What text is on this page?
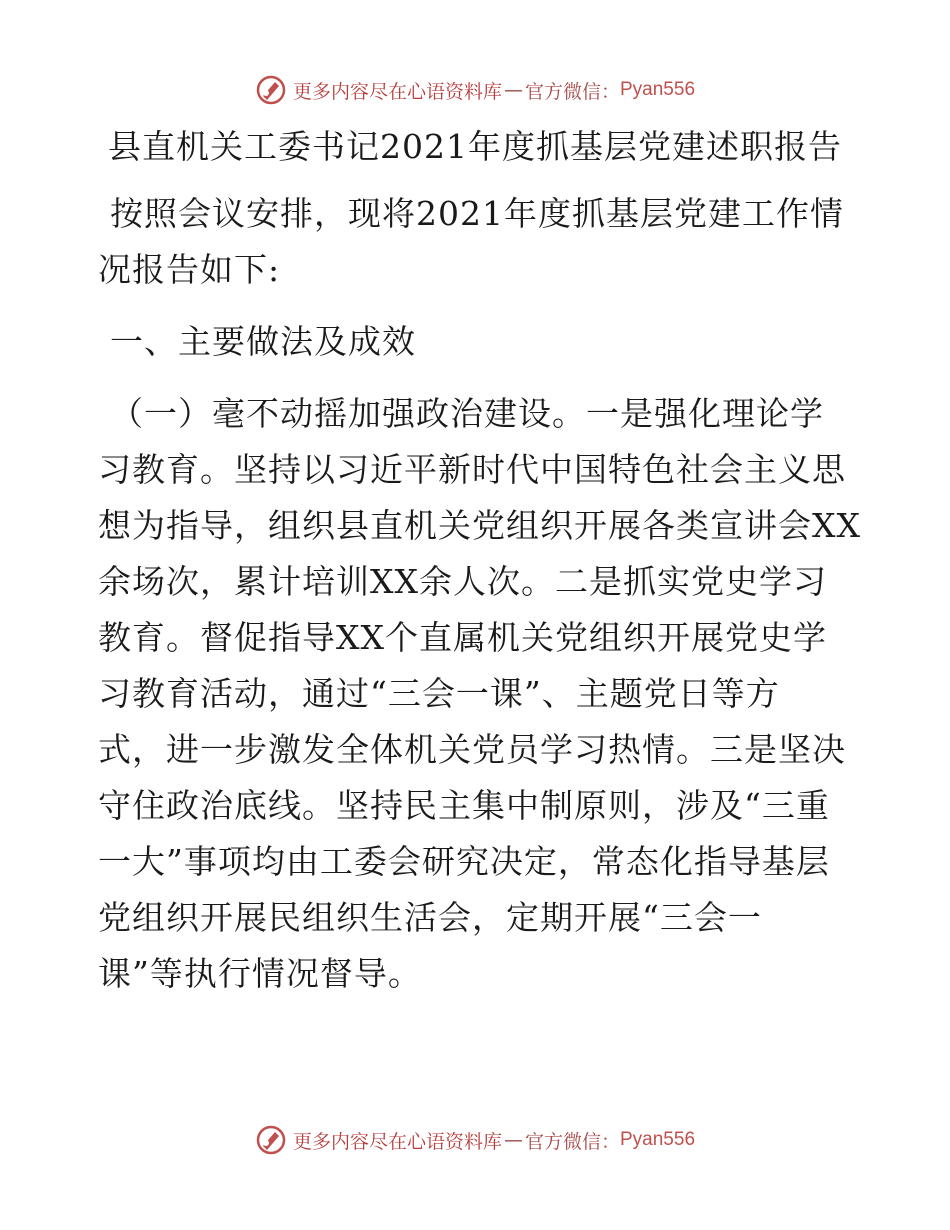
更多内容尽在心语资料库 — 官方微信： Pyan556
县直机关工委书记2021年度抓基层党建述职报告

按照会议安排，现将2021年度抓基层党建工作情
况报告如下:

一、主要做法及成效

（一）毫不动摇加强政治建设。一是强化理论学
习教育。坚持以习近平新时代中国特色社会主义思
想为指导，组织县直机关党组织开展各类宣讲会XX
余场次，累计培训XX余人次。二是抓实党史学习
教育。督促指导XX个直属机关党组织开展党史学
习教育活动，通过“三会一课”、主题党日等方
式，进一步激发全体机关党员学习热情。三是坚决
守住政治底线。坚持民主集中制原则，涉及“三重
一大”事项均由工委会研究决定，常态化指导基层
党组织开展民组织生活会，定期开展“三会一
课”等执行情况督导。

更多内容尽在心语资料库 — 官方微信： Pyan556
